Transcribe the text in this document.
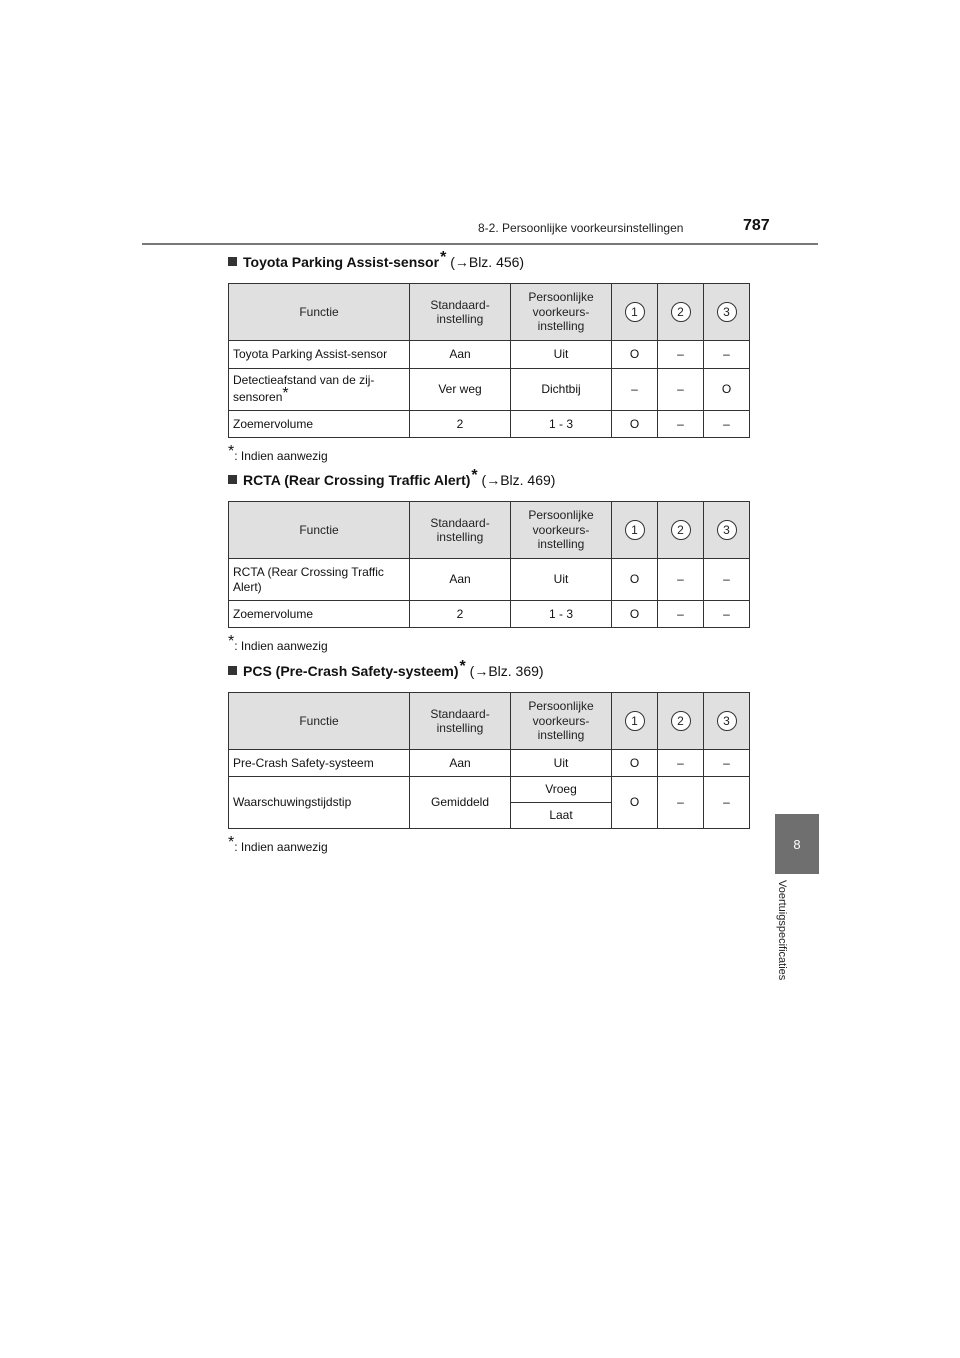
8-2. Persoonlijke voorkeursinstellingen	787
8
Voertuigspecificaties
Toyota Parking Assist-sensor *
(→Blz. 456)
Functie	Standaard-instelling	Persoonlijke voorkeurs-instelling	1	2	3
Toyota Parking Assist-sensor	Aan	Uit	O	–	–
Detectieafstand van de zij-sensoren*	Ver weg	Dichtbij	–	–	O
Zoemervolume	2	1 - 3	O	–	–
*: Indien aanwezig
RCTA (Rear Crossing Traffic Alert) *
(→Blz. 469)
Functie	Standaard-instelling	Persoonlijke voorkeurs-instelling	1	2	3
RCTA (Rear Crossing Traffic Alert)	Aan	Uit	O	–	–
Zoemervolume	2	1 - 3	O	–	–
*: Indien aanwezig
PCS (Pre-Crash Safety-systeem) *
(→Blz. 369)
Functie	Standaard-instelling	Persoonlijke voorkeurs-instelling	1	2	3
Pre-Crash Safety-systeem	Aan	Uit	O	–	–
Waarschuwingstijdstip	Gemiddeld	Vroeg	O	–	–
		Laat			
*: Indien aanwezig
